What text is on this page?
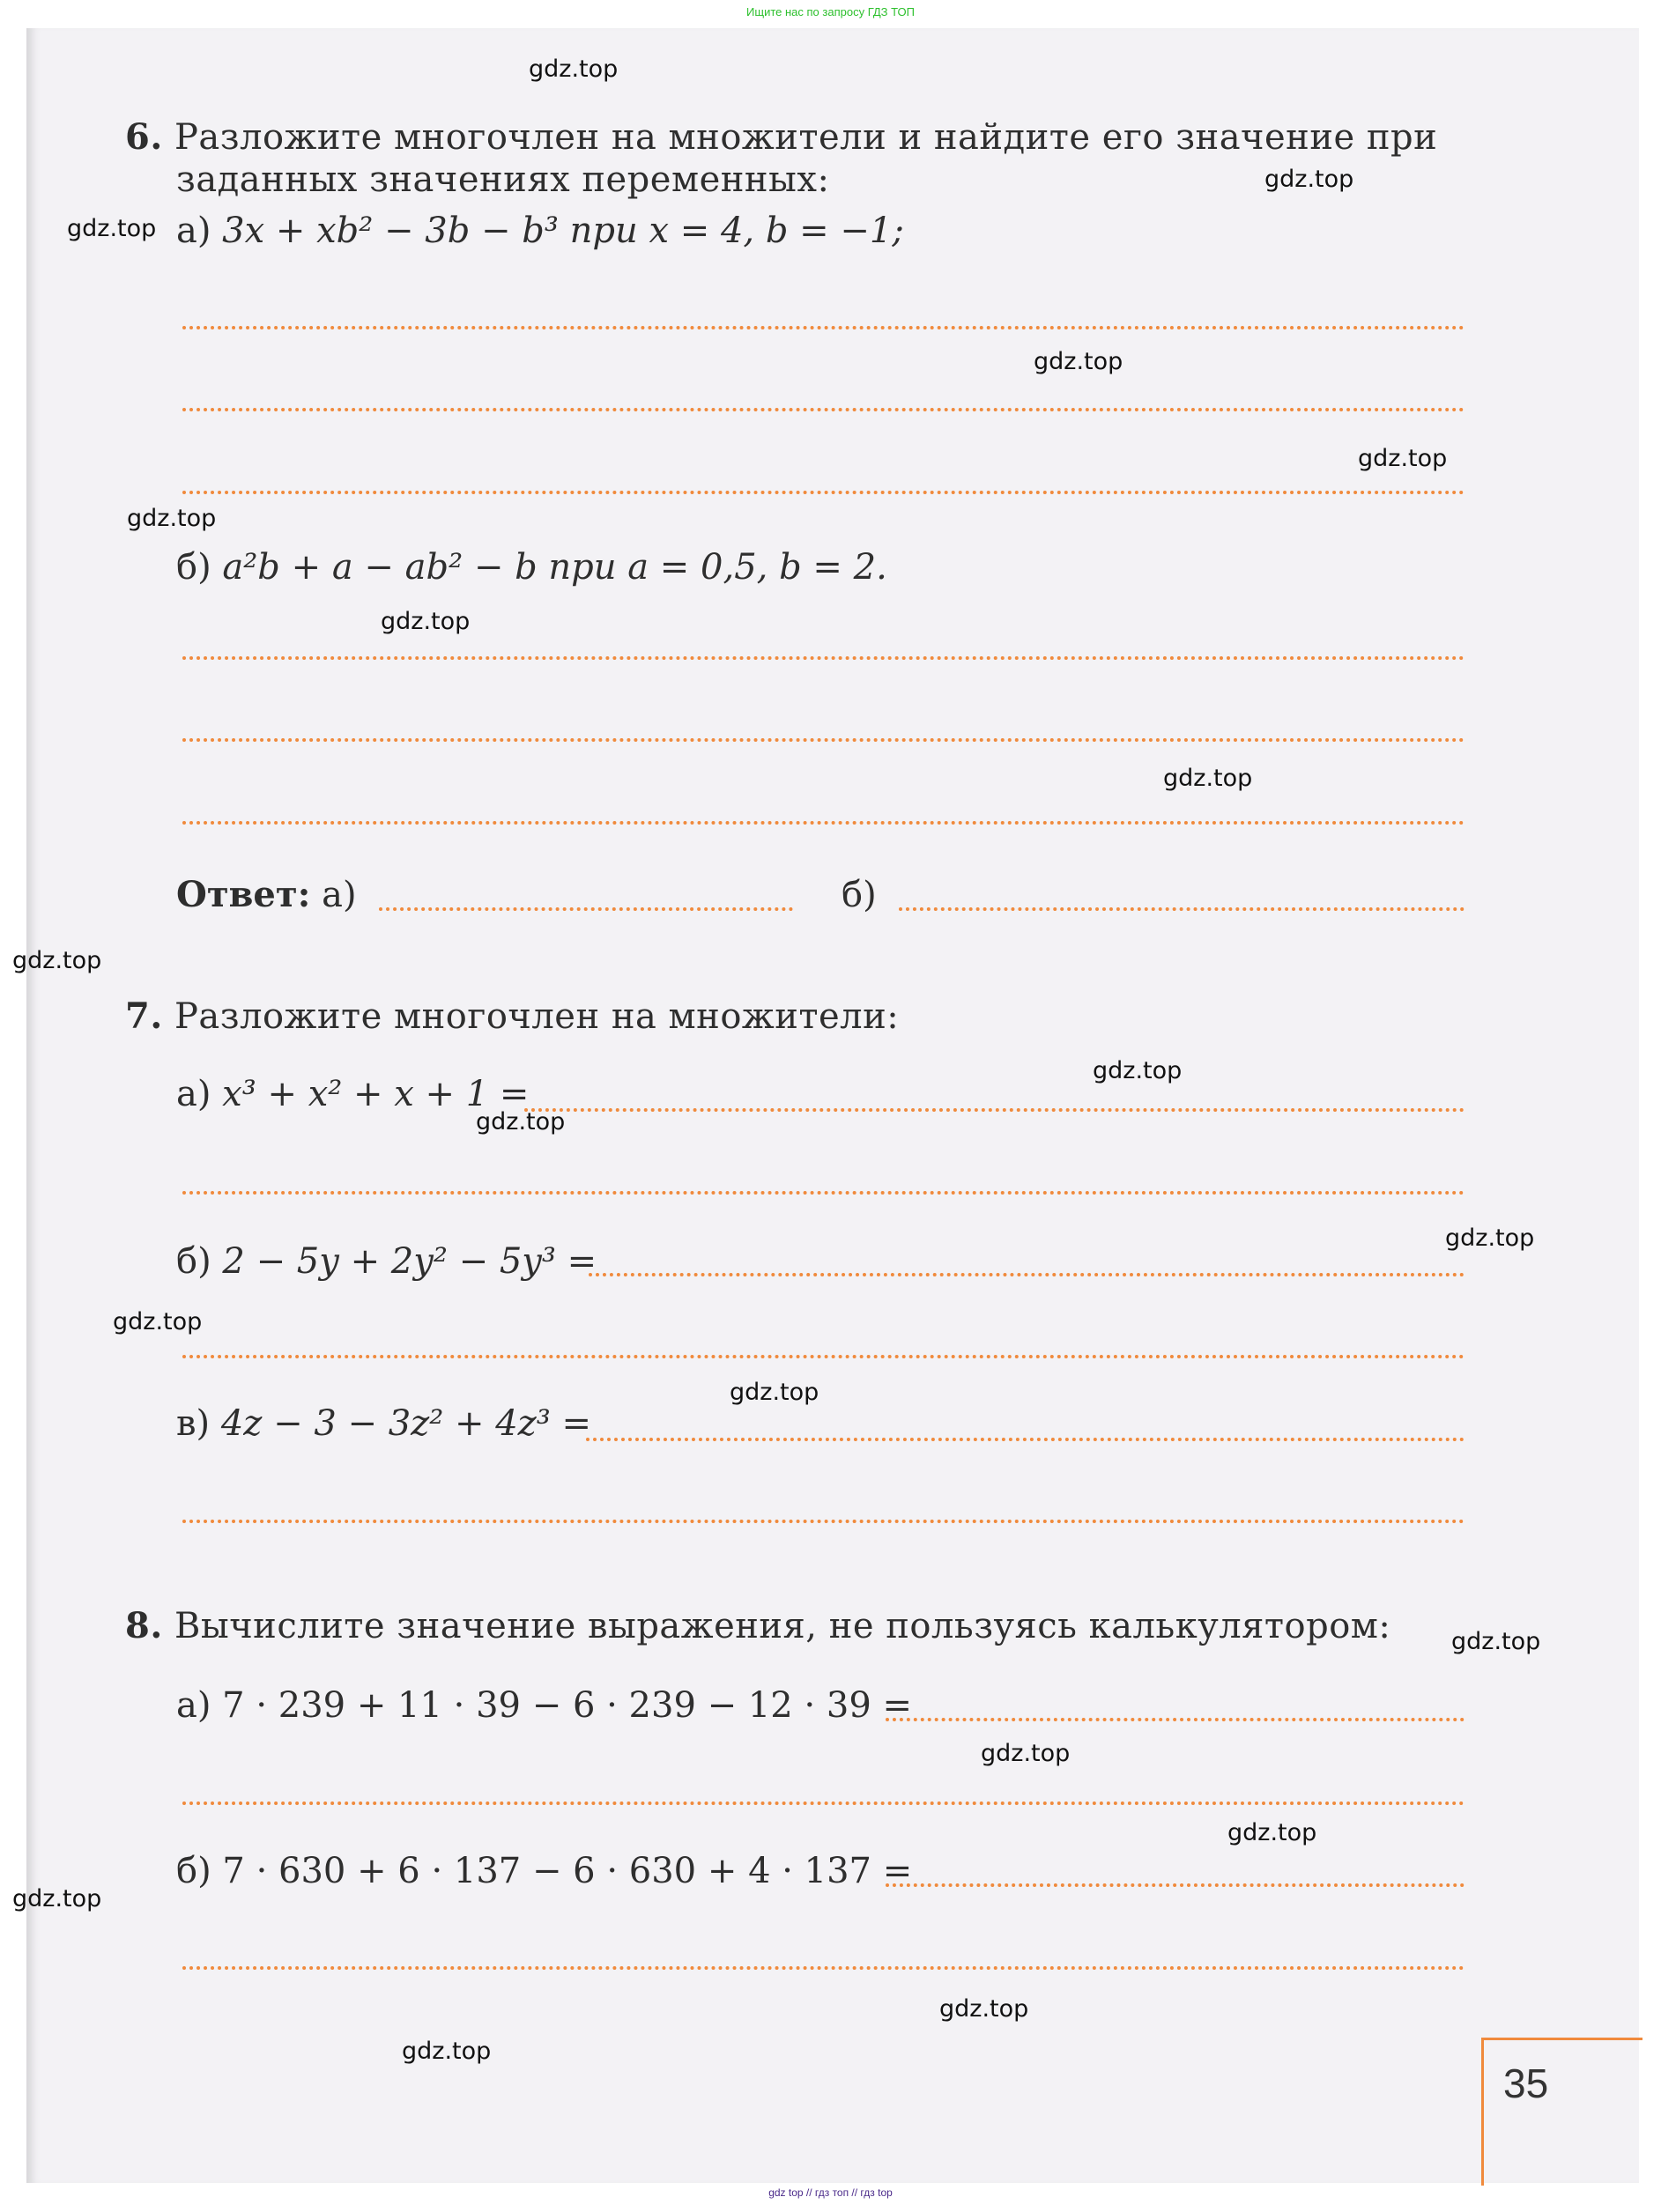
Ищите нас по запросу ГДЗ ТОП
6. Разложите многочлен на множители и найдите его значение при
заданных значениях переменных:
а) 3x + xb² − 3b − b³ при x = 4, b = −1;
б) a²b + a − ab² − b при a = 0,5, b = 2.
Ответ: а)	б)
7. Разложите многочлен на множители:
а) x³ + x² + x + 1 =
б) 2 − 5y + 2y² − 5y³ =
в) 4z − 3 − 3z² + 4z³ =
8. Вычислите значение выражения, не пользуясь калькулятором:
а) 7 · 239 + 11 · 39 − 6 · 239 − 12 · 39 =
б) 7 · 630 + 6 · 137 − 6 · 630 + 4 · 137 =
35
gdz.top
gdz.top
gdz.top
gdz.top
gdz.top
gdz.top
gdz.top
gdz.top
gdz.top
gdz.top
gdz.top
gdz.top
gdz.top
gdz.top
gdz.top
gdz.top
gdz.top
gdz.top
gdz.top
gdz.top
gdz top // гдз топ // гдз top
